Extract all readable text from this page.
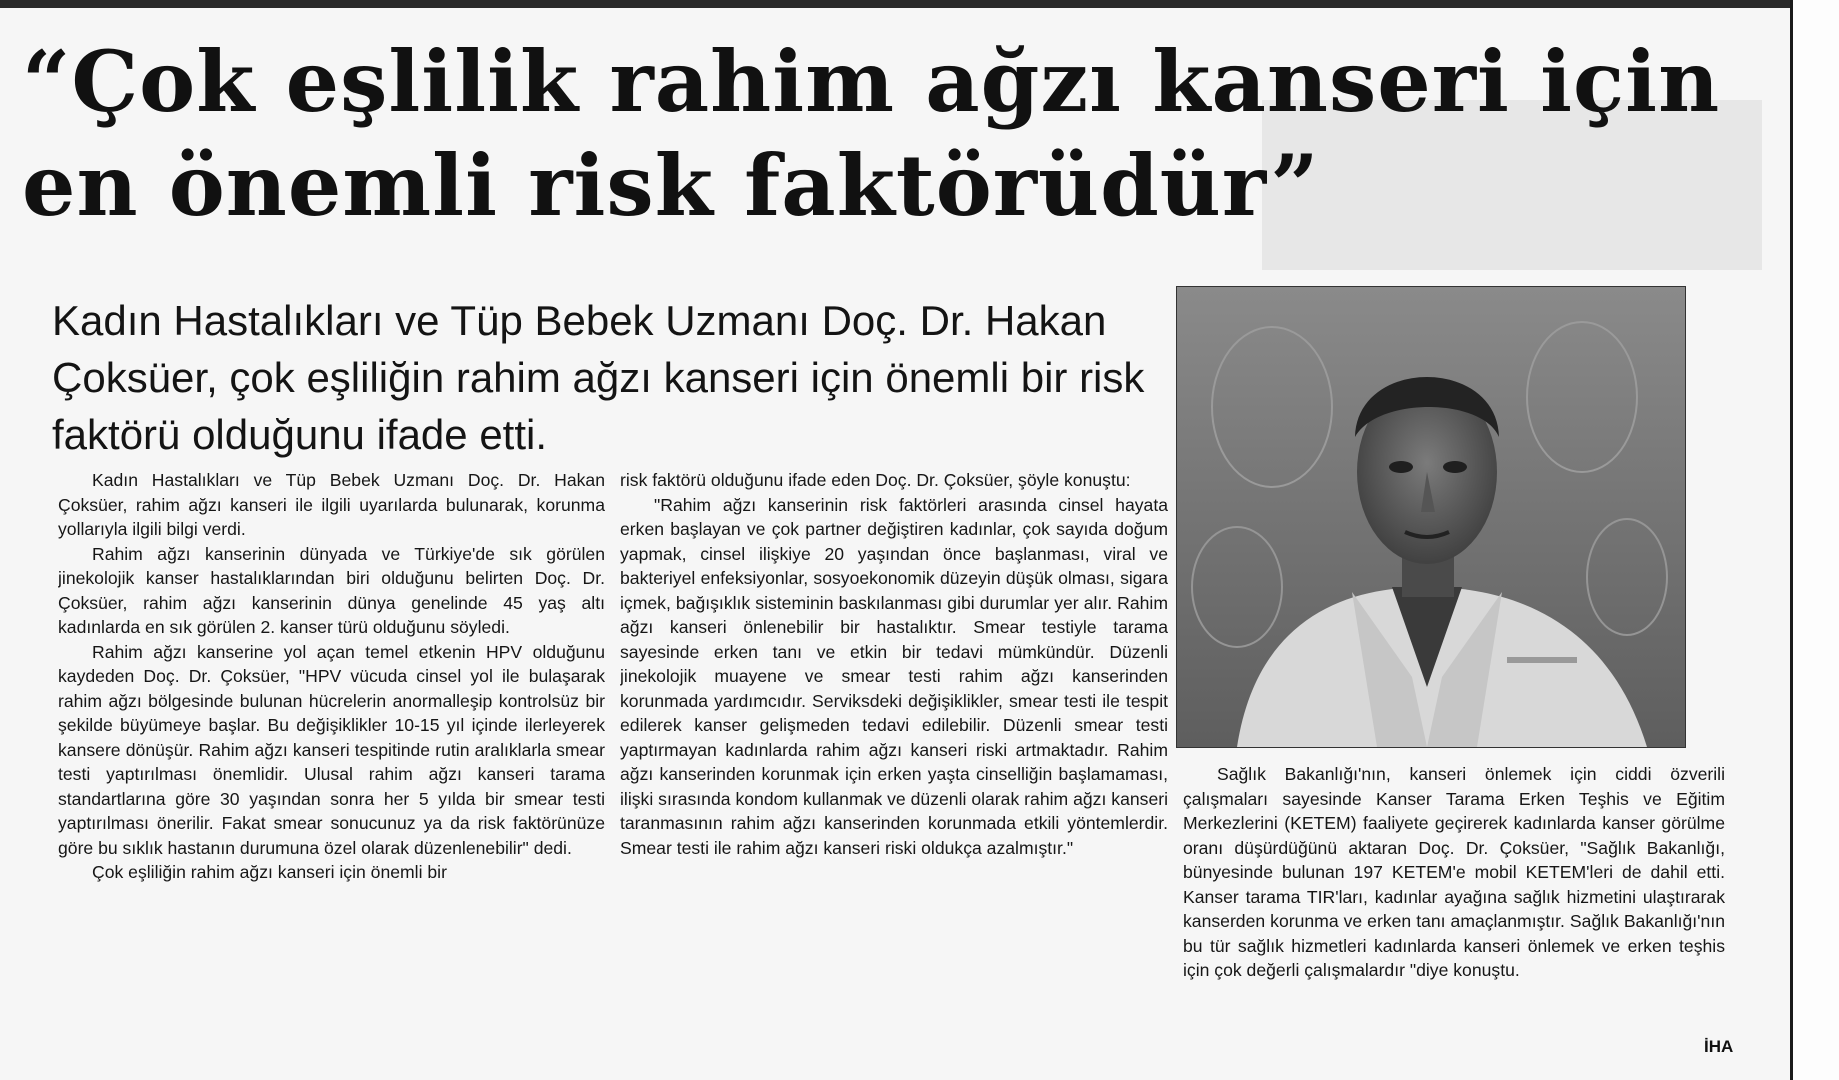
“Çok eşlilik rahim ağzı kanseri için en önemli risk faktörüdür”

Kadın Hastalıkları ve Tüp Bebek Uzmanı Doç. Dr. Hakan Çoksüer, çok eşliliğin rahim ağzı kanseri için önemli bir risk faktörü olduğunu ifade etti.

Kadın Hastalıkları ve Tüp Bebek Uzmanı Doç. Dr. Hakan Çoksüer, rahim ağzı kanseri ile ilgili uyarılarda bulunarak, korunma yollarıyla ilgili bilgi verdi.

Rahim ağzı kanserinin dünyada ve Türkiye'de sık görülen jinekolojik kanser hastalıklarından biri olduğunu belirten Doç. Dr. Çoksüer, rahim ağzı kanserinin dünya genelinde 45 yaş altı kadınlarda en sık görülen 2. kanser türü olduğunu söyledi.

Rahim ağzı kanserine yol açan temel etkenin HPV olduğunu kaydeden Doç. Dr. Çoksüer, "HPV vücuda cinsel yol ile bulaşarak rahim ağzı bölgesinde bulunan hücrelerin anormalleşip kontrolsüz bir şekilde büyümeye başlar. Bu değişiklikler 10-15 yıl içinde ilerleyerek kansere dönüşür. Rahim ağzı kanseri tespitinde rutin aralıklarla smear testi yaptırılması önemlidir. Ulusal rahim ağzı kanseri tarama standartlarına göre 30 yaşından sonra her 5 yılda bir smear testi yaptırılması önerilir. Fakat smear sonucunuz ya da risk faktörünüze göre bu sıklık hastanın durumuna özel olarak düzenlenebilir" dedi.

Çok eşliliğin rahim ağzı kanseri için önemli bir

risk faktörü olduğunu ifade eden Doç. Dr. Çoksüer, şöyle konuştu:

"Rahim ağzı kanserinin risk faktörleri arasında cinsel hayata erken başlayan ve çok partner değiştiren kadınlar, çok sayıda doğum yapmak, cinsel ilişkiye 20 yaşından önce başlanması, viral ve bakteriyel enfeksiyonlar, sosyoekonomik düzeyin düşük olması, sigara içmek, bağışıklık sisteminin baskılanması gibi durumlar yer alır. Rahim ağzı kanseri önlenebilir bir hastalıktır. Smear testiyle tarama sayesinde erken tanı ve etkin bir tedavi mümkündür. Düzenli jinekolojik muayene ve smear testi rahim ağzı kanserinden korunmada yardımcıdır. Serviksdeki değişiklikler, smear testi ile tespit edilerek kanser gelişmeden tedavi edilebilir. Düzenli smear testi yaptırmayan kadınlarda rahim ağzı kanseri riski artmaktadır. Rahim ağzı kanserinden korunmak için erken yaşta cinselliğin başlamaması, ilişki sırasında kondom kullanmak ve düzenli olarak rahim ağzı kanseri taranmasının rahim ağzı kanserinden korunmada etkili yöntemlerdir. Smear testi ile rahim ağzı kanseri riski oldukça azalmıştır."

Sağlık Bakanlığı'nın, kanseri önlemek için ciddi özverili çalışmaları sayesinde Kanser Tarama Erken Teşhis ve Eğitim Merkezlerini (KETEM) faaliyete geçirerek kadınlarda kanser görülme oranı düşürdüğünü aktaran Doç. Dr. Çoksüer, "Sağlık Bakanlığı, bünyesinde bulunan 197 KETEM'e mobil KETEM'leri de dahil etti. Kanser tarama TIR'ları, kadınlar ayağına sağlık hizmetini ulaştırarak kanserden korunma ve erken tanı amaçlanmıştır. Sağlık Bakanlığı'nın bu tür sağlık hizmetleri kadınlarda kanseri önlemek ve erken teşhis için çok değerli çalışmalardır "diye konuştu.

İHA
